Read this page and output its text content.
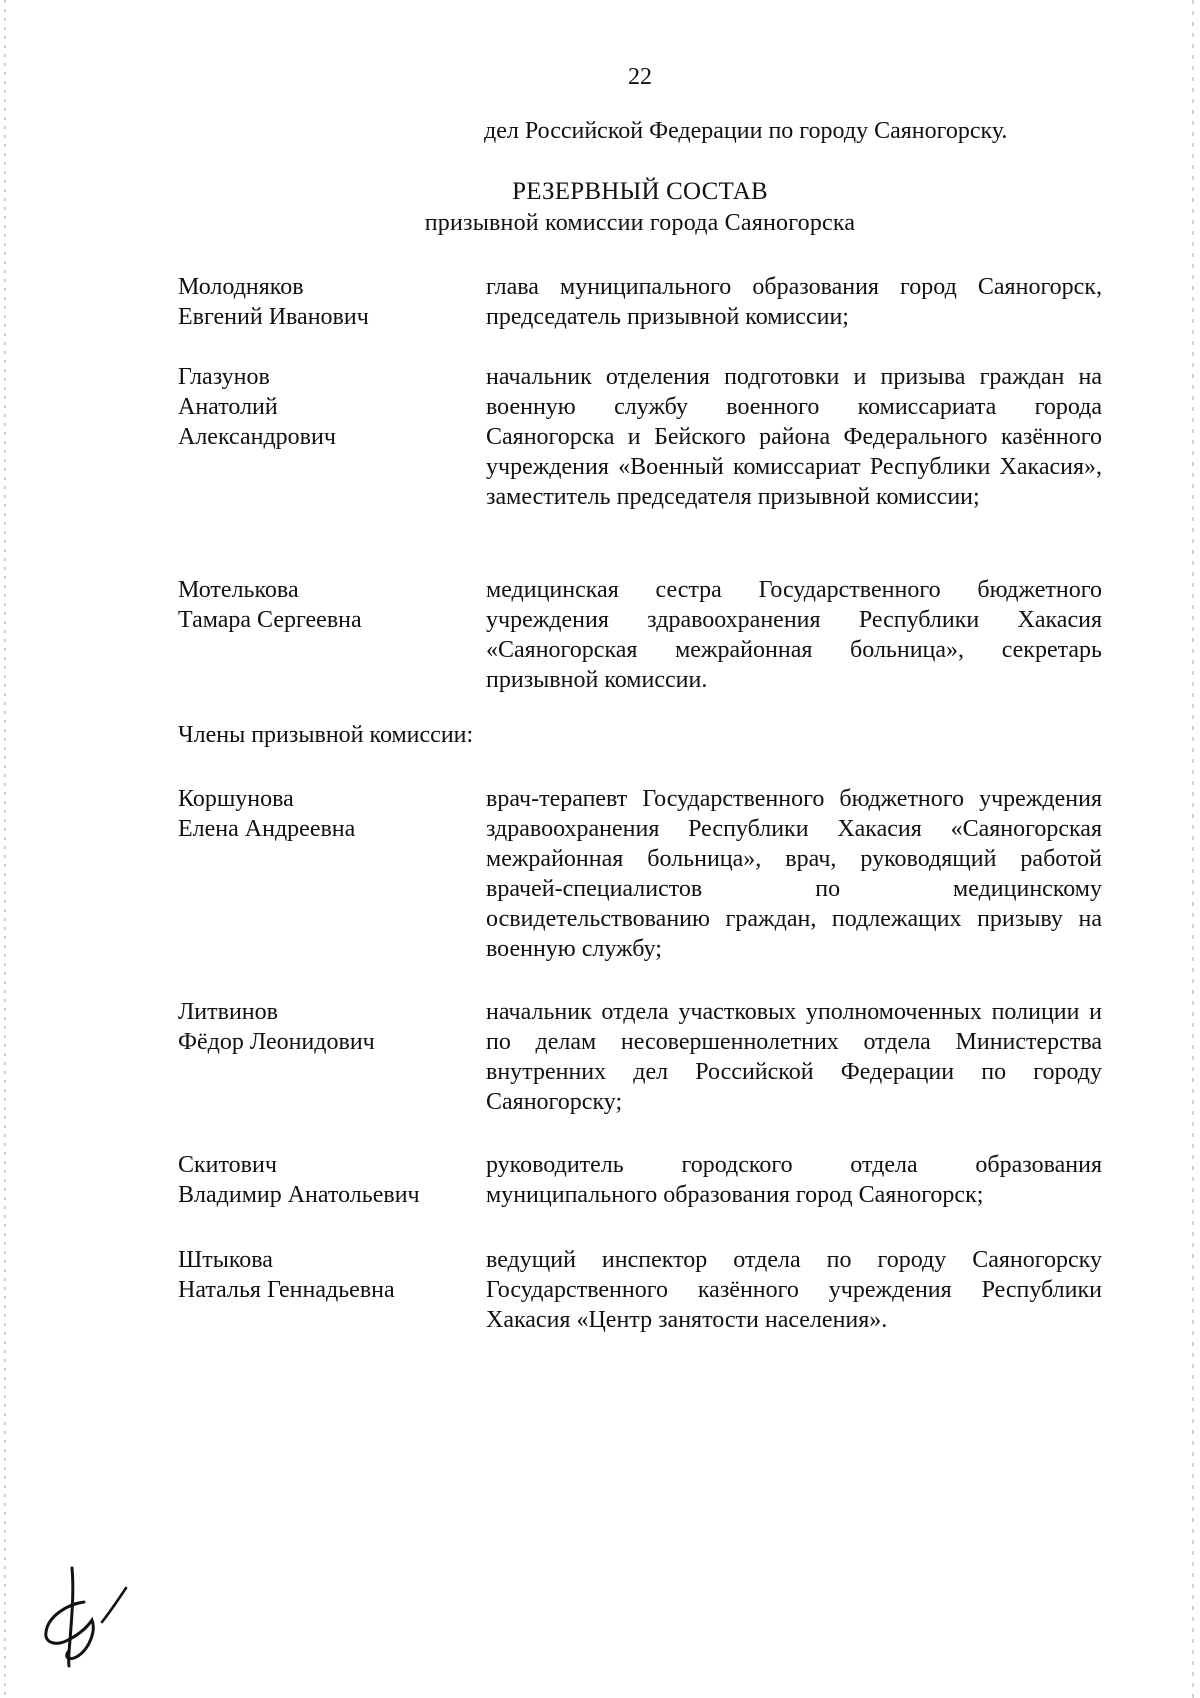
22
дел Российской Федерации по городу Саяногорску.
РЕЗЕРВНЫЙ СОСТАВ
призывной комиссии города Саяногорска
Молодняков
Евгений Иванович
глава муниципального образования город Саяногорск, председатель призывной комиссии;
Глазунов
Анатолий
Александрович
начальник отделения подготовки и призыва граждан на военную службу военного комиссариата города Саяногорска и Бейского района Федерального казённого учреждения «Военный комиссариат Республики Хакасия», заместитель председателя призывной комиссии;
Мотелькова
Тамара Сергеевна
медицинская сестра Государственного бюджетного учреждения здравоохранения Республики Хакасия «Саяногорская межрайонная больница», секретарь призывной комиссии.
Члены призывной комиссии:
Коршунова
Елена Андреевна
врач-терапевт Государственного бюджетного учреждения здравоохранения Республики Хакасия «Саяногорская межрайонная больница», врач, руководящий работой врачей-специалистов по медицинскому освидетельствованию граждан, подлежащих призыву на военную службу;
Литвинов
Фёдор Леонидович
начальник отдела участковых уполномоченных полиции и по делам несовершеннолетних отдела Министерства внутренних дел Российской Федерации по городу Саяногорску;
Скитович
Владимир Анатольевич
руководитель городского отдела образования муниципального образования город Саяногорск;
Штыкова
Наталья Геннадьевна
ведущий инспектор отдела по городу Саяногорску Государственного казённого учреждения Республики Хакасия «Центр занятости населения».
